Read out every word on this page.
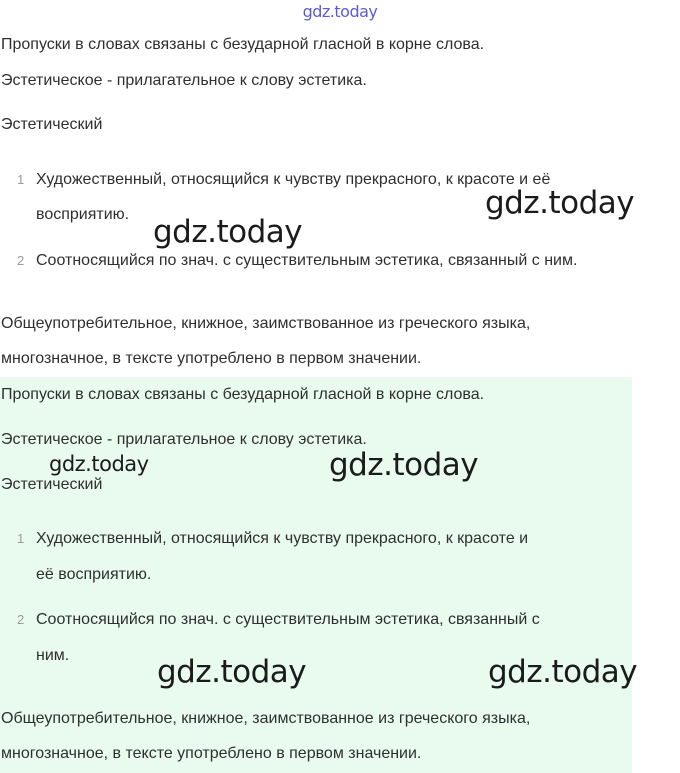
gdz.today
Пропуски в словах связаны с безударной гласной в корне слова.
Эстетическое - прилагательное к слову эстетика.
Эстетический
1 Художественный, относящийся к чувству прекрасного, к красоте и её
восприятию.
2 Соотносящийся по знач. с существительным эстетика, связанный с ним.
Общеупотребительное, книжное, заимствованное из греческого языка,
многозначное, в тексте употреблено в первом значении.
Пропуски в словах связаны с безударной гласной в корне слова.
Эстетическое - прилагательное к слову эстетика.
Эстетический
1 Художественный, относящийся к чувству прекрасного, к красоте и
её восприятию.
2 Соотносящийся по знач. с существительным эстетика, связанный с
ним.
Общеупотребительное, книжное, заимствованное из греческого языка,
многозначное, в тексте употреблено в первом значении.
gdz.today
gdz.today
gdz.today	gdz.today
gdz.today	gdz.today
